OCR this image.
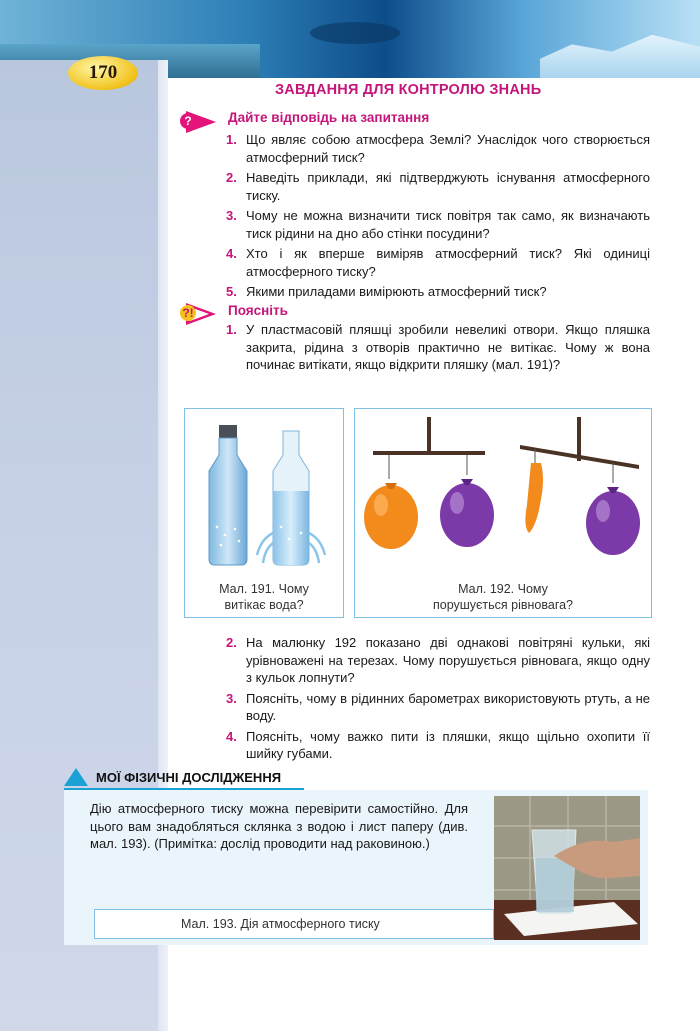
170
ЗАВДАННЯ ДЛЯ КОНТРОЛЮ ЗНАНЬ
?	Дайте відповідь на запитання
1. Що являє собою атмосфера Землі? Унаслідок чого створюється атмосферний тиск?
2. Наведіть приклади, які підтверджують існування атмосферного тиску.
3. Чому не можна визначити тиск повітря так само, як визначають тиск рідини на дно або стінки посудини?
4. Хто і як вперше виміряв атмосферний тиск? Які одиниці атмосферного тиску?
5. Якими приладами вимірюють атмосферний тиск?
?!	Поясніть
1. У пластмасовій пляшці зробили невеликі отвори. Якщо пляшка закрита, рідина з отворів практично не витікає. Чому ж вона починає витікати, якщо відкрити пляшку (мал. 191)?
Мал. 191. Чому
витікає вода?
Мал. 192. Чому
порушується рівновага?
2. На малюнку 192 показано дві однакові повітряні кульки, які урівноважені на терезах. Чому порушується рівновага, якщо одну з кульок лопнути?
3. Поясніть, чому в рідинних барометрах використовують ртуть, а не воду.
4. Поясніть, чому важко пити із пляшки, якщо щільно охопити її шийку губами.
МОЇ ФІЗИЧНІ ДОСЛІДЖЕННЯ

Дію атмосферного тиску можна перевірити самостійно. Для цього вам знадобляться склянка з водою і лист паперу (див. мал. 193). (Примітка: дослід проводити над раковиною.)

Мал. 193. Дія атмосферного тиску
